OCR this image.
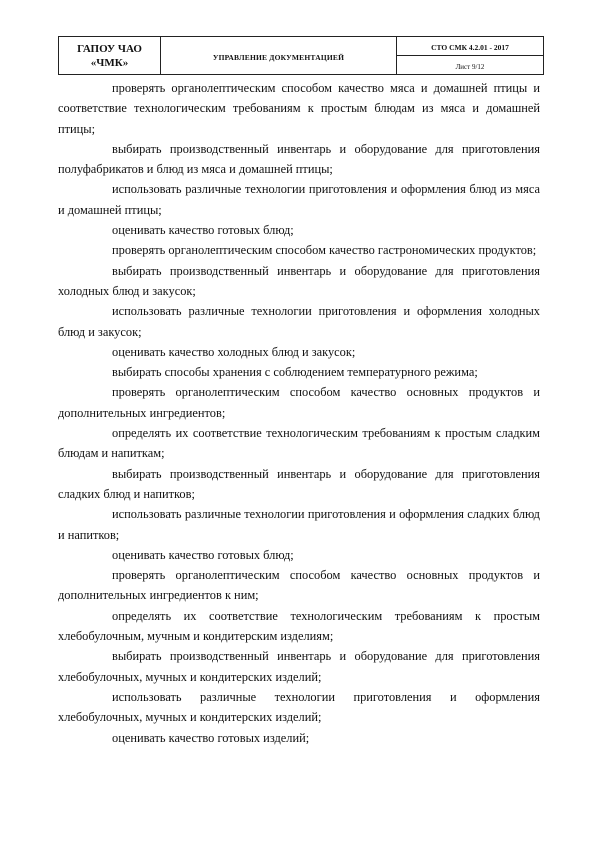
ГАПОУ ЧАО
«ЧМК»	УПРАВЛЕНИЕ ДОКУМЕНТАЦИЕЙ	СТО СМК 4.2.01 - 2017
Лист 9/12

проверять органолептическим способом качество мяса и домашней птицы и соответствие технологическим требованиям к простым блюдам из мяса и домашней птицы;

выбирать производственный инвентарь и оборудование для приготовления полуфабрикатов и блюд из мяса и домашней птицы;

использовать различные технологии приготовления и оформления блюд из мяса и домашней птицы;

оценивать качество готовых блюд;

проверять органолептическим способом качество гастрономических продуктов;

выбирать производственный инвентарь и оборудование для приготовления холодных блюд и закусок;

использовать различные технологии приготовления и оформления холодных блюд и закусок;

оценивать качество холодных блюд и закусок;

выбирать способы хранения с соблюдением температурного режима;

проверять органолептическим способом качество основных продуктов и дополнительных ингредиентов;

определять их соответствие технологическим требованиям к простым сладким блюдам и напиткам;

выбирать производственный инвентарь и оборудование для приготовления сладких блюд и напитков;

использовать различные технологии приготовления и оформления сладких блюд и напитков;

оценивать качество готовых блюд;

проверять органолептическим способом качество основных продуктов и дополнительных ингредиентов к ним;

определять их соответствие технологическим требованиям к простым хлебобулочным, мучным и кондитерским изделиям;

выбирать производственный инвентарь и оборудование для приготовления хлебобулочных, мучных и кондитерских изделий;

использовать различные технологии приготовления и оформления хлебобулочных, мучных и кондитерских изделий;

оценивать качество готовых изделий;
